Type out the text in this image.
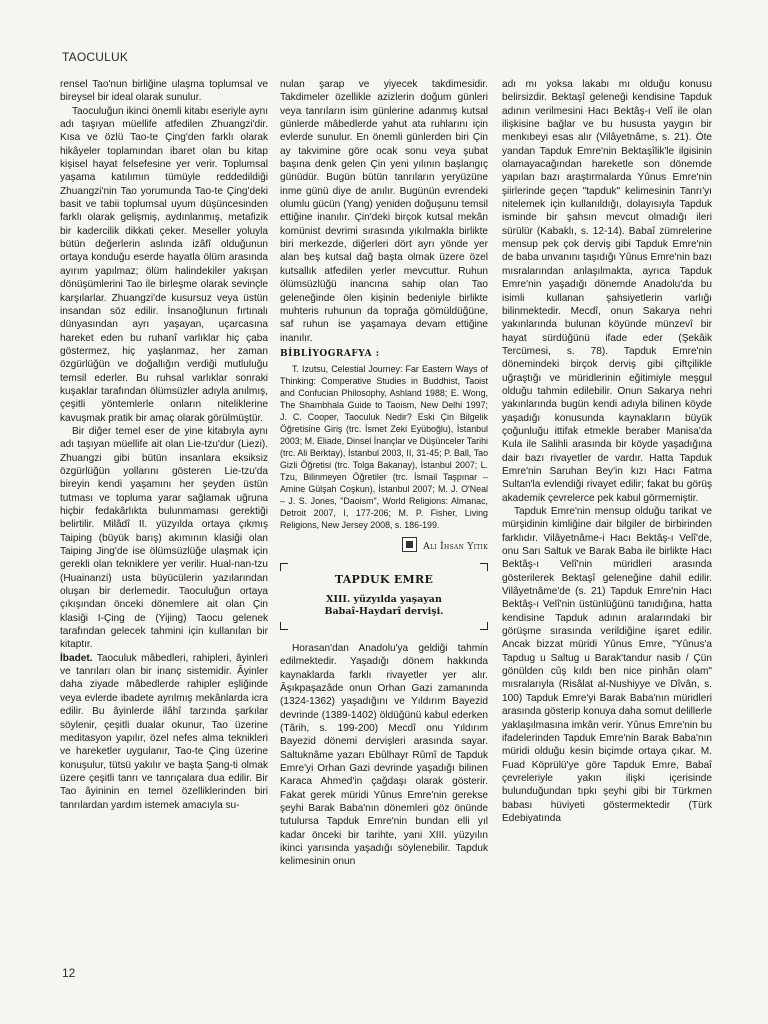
TAOCULUK

rensel Tao'nun birliğine ulaşma toplumsal ve bireysel bir ideal olarak sunulur.

Taoculuğun ikinci önemli kitabı eseriyle aynı adı taşıyan müellife atfedilen Zhuangzi'dir. Kısa ve özlü Tao-te Çing'den farklı olarak hikâyeler toplamından ibaret olan bu kitap kişisel hayat felsefesine yer verir. Toplumsal yaşama katılımın tümüyle reddedildiği Zhuangzi'nin Tao yorumunda Tao-te Çing'deki basit ve tabii toplumsal uyum düşüncesinden farklı olarak gelişmiş, aydınlanmış, metafizik bir kadercilik dikkati çeker. Meseller yoluyla bütün değerlerin aslında izâfî olduğunun ortaya konduğu eserde hayatla ölüm arasında ayırım yapılmaz; ölüm halindekiler yakışan dönüşümlerini Tao ile birleşme olarak sevinçle karşılarlar. Zhuangzi'de kusursuz veya üstün insandan söz edilir. İnsanoğlunun fırtınalı dünyasından ayrı yaşayan, uçarcasına hareket eden bu ruhanî varlıklar hiç çaba göstermez, hiç yaşlanmaz, her zaman özgürlüğün ve doğallığın verdiği mutluluğu temsil ederler. Bu ruhsal varlıklar sonraki kuşaklar tarafından ölümsüzler adıyla anılmış, çeşitli yöntemlerle onların niteliklerine kavuşmak pratik bir amaç olarak görülmüştür.

Bir diğer temel eser de yine kitabıyla aynı adı taşıyan müellife ait olan Lie-tzu'dur (Liezi). Zhuangzi gibi bütün insanlara eksiksiz özgürlüğün yollarını gösteren Lie-tzu'da bireyin kendi yaşamını her şeyden üstün tutması ve topluma yarar sağlamak uğruna hiçbir fedakârlıkta bulunmaması gerektiği belirtilir. Milâdî II. yüzyılda ortaya çıkmış Taiping (büyük barış) akımının klasiği olan Taiping Jing'de ise ölümsüzlüğe ulaşmak için gerekli olan tekniklere yer verilir. Hual-nan-tzu (Huainanzi) usta büyücülerin yazılarından oluşan bir derlemedir. Taoculuğun ortaya çıkışından önceki dönemlere ait olan Çin klasiği I-Çing de (Yijing) Taocu gelenek tarafından gelecek tahmini için kullanılan bir kitaptır.

İbadet. Taoculuk mâbedleri, rahipleri, âyinleri ve tanrıları olan bir inanç sistemidir. Âyinler daha ziyade mâbedlerde rahipler eşliğinde veya evlerde ibadete ayrılmış mekânlarda icra edilir. Bu âyinlerde ilâhî tarzında şarkılar söylenir, çeşitli dualar okunur, Tao üzerine meditasyon yapılır, özel nefes alma teknikleri ve hareketler uygulanır, Tao-te Çing üzerine konuşulur, tütsü yakılır ve başta Şang-ti olmak üzere çeşitli tanrı ve tanrıçalara dua edilir. Bir Tao âyininin en temel özelliklerinden biri tanrılardan yardım istemek amacıyla su-

nulan şarap ve yiyecek takdimesidir. Takdimeler özellikle azizlerin doğum günleri veya tanrıların isim günlerine adanmış kutsal günlerde mâbedlerde yahut ata ruhlarını için evlerde sunulur. En önemli günlerden biri Çin ay takvimine göre ocak sonu veya şubat başına denk gelen Çin yeni yılının başlangıç günüdür. Bugün bütün tanrıların yeryüzüne inme günü diye de anılır. Bugünün evrendeki olumlu gücün (Yang) yeniden doğuşunu temsil ettiğine inanılır. Çin'deki birçok kutsal mekân komünist devrimi sırasında yıkılmakla birlikte biri merkezde, diğerleri dört ayrı yönde yer alan beş kutsal dağ başta olmak üzere özel kutsallık atfedilen yerler mevcuttur. Ruhun ölümsüzlüğü inancına sahip olan Tao geleneğinde ölen kişinin bedeniyle birlikte muhteris ruhunun da toprağa gömüldüğüne, saf ruhun ise yaşamaya devam ettiğine inanılır.

BİBLİYOGRAFYA :

T. Izutsu, Celestial Journey: Far Eastern Ways of Thinking: Comperative Studies in Buddhist, Taoist and Confucian Philosophy, Ashland 1988; E. Wong, The Shambhala Guide to Taoism, New Delhi 1997; J. C. Cooper, Taoculuk Nedir? Eski Çin Bilgelik Öğretisine Giriş (trc. İsmet Zeki Eyüboğlu), İstanbul 2003; M. Eliade, Dinsel İnançlar ve Düşünceler Tarihi (trc. Ali Berktay), İstanbul 2003, II, 31-45; P. Ball, Tao Gizli Öğretisi (trc. Tolga Bakanay), İstanbul 2007; L. Tzu, Bilinmeyen Öğretiler (trc. İsmail Taşpınar – Amine Gülşah Coşkun), İstanbul 2007; M. J. O'Neal – J. S. Jones, "Daoism", World Religions: Almanac, Detroit 2007, I, 177-206; M. P. Fisher, Living Religions, New Jersey 2008, s. 186-199.

Ali İhsan Yitik
TAPDUK EMRE
XIII. yüzyılda yaşayan
Babaî-Haydarî dervişi.

Horasan'dan Anadolu'ya geldiği tahmin edilmektedir. Yaşadığı dönem hakkında kaynaklarda farklı rivayetler yer alır. Âşıkpaşazâde onun Orhan Gazi zamanında (1324-1362) yaşadığını ve Yıldırım Bayezid devrinde (1389-1402) öldüğünü kabul ederken (Târih, s. 199-200) Mecdî onu Yıldırım Bayezid dönemi dervişleri arasında sayar. Saltuknâme yazarı Ebûlhayr Rûmî de Tapduk Emre'yi Orhan Gazi devrinde yaşadığı bilinen Karaca Ahmed'in çağdaşı olarak gösterir. Fakat gerek müridi Yûnus Emre'nin gerekse şeyhi Barak Baba'nın dönemleri göz önünde tutulursa Tapduk Emre'nin bundan elli yıl kadar önceki bir tarihte, yani XIII. yüzyılın ikinci yarısında yaşadığı söylenebilir. Tapduk kelimesinin onun

adı mı yoksa lakabı mı olduğu konusu belirsizdir. Bektaşî geleneği kendisine Tapduk adının verilmesini Hacı Bektâş-ı Velî ile olan ilişkisine bağlar ve bu hususta yaygın bir menkıbeyi esas alır (Vilâyetnâme, s. 21). Öte yandan Tapduk Emre'nin Bektaşîlik'le ilgisinin olamayacağından hareketle son dönemde yapılan bazı araştırmalarda Yûnus Emre'nin şiirlerinde geçen "tapduk" kelimesinin Tanrı'yı nitelemek için kullanıldığı, dolayısıyla Tapduk isminde bir şahsın mevcut olmadığı ileri sürülür (Kabaklı, s. 12-14). Babaî zümrelerine mensup pek çok derviş gibi Tapduk Emre'nin de baba unvanını taşıdığı Yûnus Emre'nin bazı mısralarından anlaşılmakta, ayrıca Tapduk Emre'nin yaşadığı dönemde Anadolu'da bu isimli kullanan şahsiyetlerin varlığı bilinmektedir. Mecdî, onun Sakarya nehri yakınlarında bulunan köyünde münzevî bir hayat sürdüğünü ifade eder (Şekâik Tercümesi, s. 78). Tapduk Emre'nin dönemindeki birçok derviş gibi çiftçilikle uğraştığı ve müridlerinin eğitimiyle meşgul olduğu tahmin edilebilir. Onun Sakarya nehri yakınlarında bugün kendi adıyla bilinen köyde yaşadığı konusunda kaynakların büyük çoğunluğu ittifak etmekle beraber Manisa'da Kula ile Salihli arasında bir köyde yaşadığına dair bazı rivayetler de vardır. Hatta Tapduk Emre'nin Saruhan Bey'in kızı Hacı Fatma Sultan'la evlendiği rivayet edilir; fakat bu görüş akademik çevrelerce pek kabul görmemiştir.

Tapduk Emre'nin mensup olduğu tarikat ve mürşidinin kimliğine dair bilgiler de birbirinden farklıdır. Vilâyetnâme-i Hacı Bektâş-ı Velî'de, onu Sarı Saltuk ve Barak Baba ile birlikte Hacı Bektâş-ı Velî'nin müridleri arasında gösterilerek Bektaşî geleneğine dahil edilir. Vilâyetnâme'de (s. 21) Tapduk Emre'nin Hacı Bektâş-ı Velî'nin üstünlüğünü tanıdığına, hatta kendisine Tapduk adının aralarındaki bir görüşme sırasında verildiğine işaret edilir. Ancak bizzat müridi Yûnus Emre, "Yûnus'a Tapdug u Saltug u Barak'tandur nasib / Çün gönülden cûş kıldı ben nice pinhân olam" mısralarıyla (Risâlat al-Nushiyye ve Dîvân, s. 100) Tapduk Emre'yi Barak Baba'nın müridleri arasında gösterip konuya daha somut delillerle yaklaşılmasına imkân verir. Yûnus Emre'nin bu ifadelerinden Tapduk Emre'nin Barak Baba'nın müridi olduğu kesin biçimde ortaya çıkar. M. Fuad Köprülü'ye göre Tapduk Emre, Babaî çevreleriyle yakın ilişki içerisinde bulunduğundan tıpkı şeyhi gibi bir Türkmen babası hüviyeti göstermektedir (Türk Edebiyatında

12
